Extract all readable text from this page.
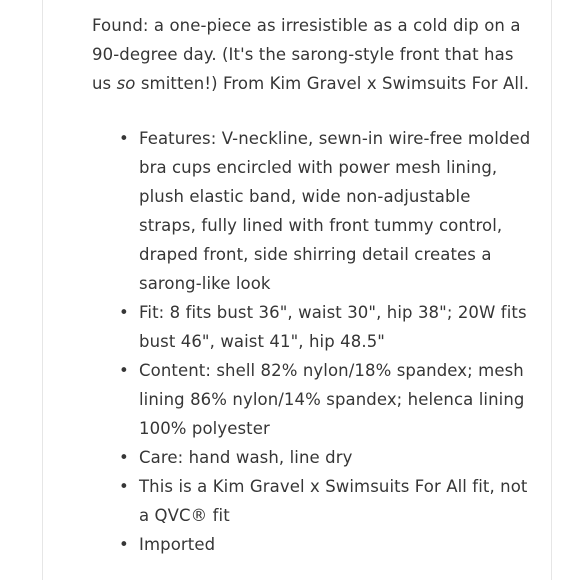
Found: a one-piece as irresistible as a cold dip on a 90-degree day. (It's the sarong-style front that has us so smitten!) From Kim Gravel x Swimsuits For All.

• Features: V-neckline, sewn-in wire-free molded bra cups encircled with power mesh lining, plush elastic band, wide non-adjustable straps, fully lined with front tummy control, draped front, side shirring detail creates a sarong-like look
• Fit: 8 fits bust 36", waist 30", hip 38"; 20W fits bust 46", waist 41", hip 48.5"
• Content: shell 82% nylon/18% spandex; mesh lining 86% nylon/14% spandex; helenca lining 100% polyester
• Care: hand wash, line dry
• This is a Kim Gravel x Swimsuits For All fit, not a QVC® fit
• Imported
